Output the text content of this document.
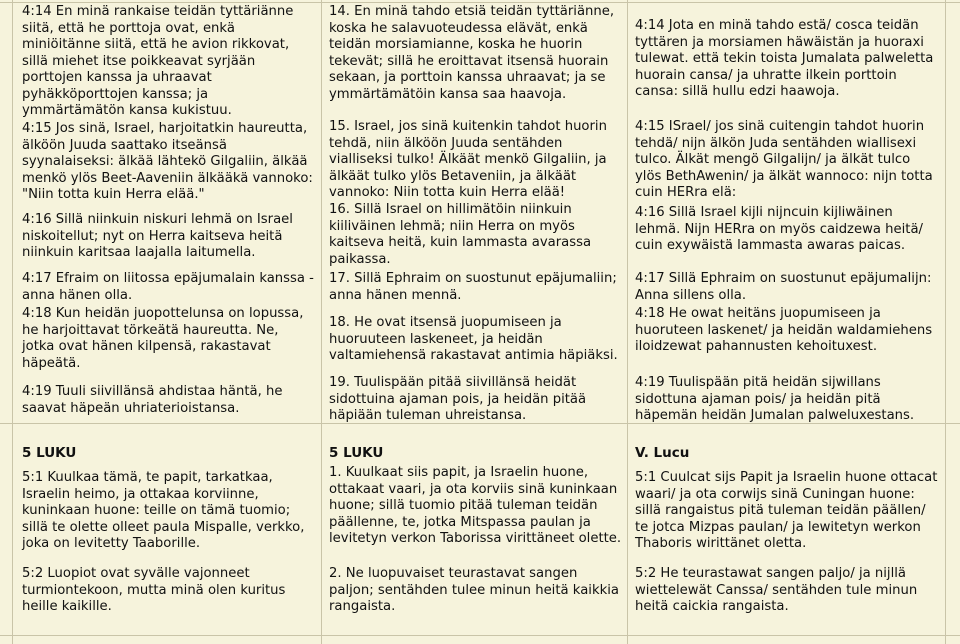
4:14 En minä rankaise teidän tyttäriänne siitä, että he porttoja ovat, enkä miniöitänne siitä, että he avion rikkovat, sillä miehet itse poikkeavat syrjään porttojen kanssa ja uhraavat pyhäkköporttojen kanssa; ja ymmärtämätön kansa kukistuu.

4:15 Jos sinä, Israel, harjoitatkin haureutta, älköön Juuda saattako itseänsä syynalaiseksi: älkää lähtekö Gilgaliin, älkää menkö ylös Beet-Aaveniin älkääkä vannoko: "Niin totta kuin Herra elää."

4:16 Sillä niinkuin niskuri lehmä on Israel niskoitellut; nyt on Herra kaitseva heitä niinkuin karitsaa laajalla laitumella.

4:17 Efraim on liitossa epäjumalain kanssa - anna hänen olla.

4:18 Kun heidän juopottelunsa on lopussa, he harjoittavat törkeätä haureutta. Ne, jotka ovat hänen kilpensä, rakastavat häpeätä.

4:19 Tuuli siivillänsä ahdistaa häntä, he saavat häpeän uhriaterioistansa.

5 LUKU

5:1 Kuulkaa tämä, te papit, tarkatkaa, Israelin heimo, ja ottakaa korviinne, kuninkaan huone: teille on tämä tuomio; sillä te olette olleet paula Mispalle, verkko, joka on levitetty Taaborille.

5:2 Luopiot ovat syvälle vajonneet turmiontekoon, mutta minä olen kuritus heille kaikille.

14. En minä tahdo etsiä teidän tyttäriänne, koska he salavuoteudessa elävät, enkä teidän morsiamianne, koska he huorin tekevät; sillä he eroittavat itsensä huorain sekaan, ja porttoin kanssa uhraavat; ja se ymmärtämätöin kansa saa haavoja.

15. Israel, jos sinä kuitenkin tahdot huorin tehdä, niin älköön Juuda sentähden vialliseksi tulko! Älkäät menkö Gilgaliin, ja älkäät tulko ylös Betaveniin, ja älkäät vannoko: Niin totta kuin Herra elää!

16. Sillä Israel on hillimätöin niinkuin kiiliväinen lehmä; niin Herra on myös kaitseva heitä, kuin lammasta avarassa paikassa.

17. Sillä Ephraim on suostunut epäjumaliin; anna hänen mennä.

18. He ovat itsensä juopumiseen ja huoruuteen laskeneet, ja heidän valtamiehensä rakastavat antimia häpiäksi.

19. Tuulispään pitää siivillänsä heidät sidottuina ajaman pois, ja heidän pitää häpiään tuleman uhreistansa.

5 LUKU

1. Kuulkaat siis papit, ja Israelin huone, ottakaat vaari, ja ota korviis sinä kuninkaan huone; sillä tuomio pitää tuleman teidän päällenne, te, jotka Mitspassa paulan ja levitetyn verkon Taborissa virittäneet olette.

2. Ne luopuvaiset teurastavat sangen paljon; sentähden tulee minun heitä kaikkia rangaista.

4:14 Jota en minä tahdo estä/ cosca teidän tyttären ja morsiamen häwäistän ja huoraxi tulewat. että tekin toista Jumalata palweletta huorain cansa/ ja uhratte ilkein porttoin cansa: sillä hullu edzi haawoja.

4:15 ISrael/ jos sinä cuitengin tahdot huorin tehdä/ nijn älkön Juda sentähden wiallisexi tulco. Älkät mengö Gilgalijn/ ja älkät tulco ylös BethAwenin/ ja älkät wannoco: nijn totta cuin HERra elä:

4:16 Sillä Israel kijli nijncuin kijliwäinen lehmä. Nijn HERra on myös caidzewa heitä/ cuin exywäistä lammasta awaras paicas.

4:17 Sillä Ephraim on suostunut epäjumalijn: Anna sillens olla.

4:18 He owat heitäns juopumiseen ja huoruteen laskenet/ ja heidän waldamiehens iloidzewat pahannusten kehoituxest.

4:19 Tuulispään pitä heidän sijwillans sidottuna ajaman pois/ ja heidän pitä häpemän heidän Jumalan palweluxestans.

V. Lucu

5:1 Cuulcat sijs Papit ja Israelin huone ottacat waari/ ja ota corwijs sinä Cuningan huone: sillä rangaistus pitä tuleman teidän päällen/ te jotca Mizpas paulan/ ja lewitetyn werkon Thaboris wirittänet oletta.

5:2 He teurastawat sangen paljo/ ja nijllä wiettelewät Canssa/ sentähden tule minun heitä caickia rangaista.
